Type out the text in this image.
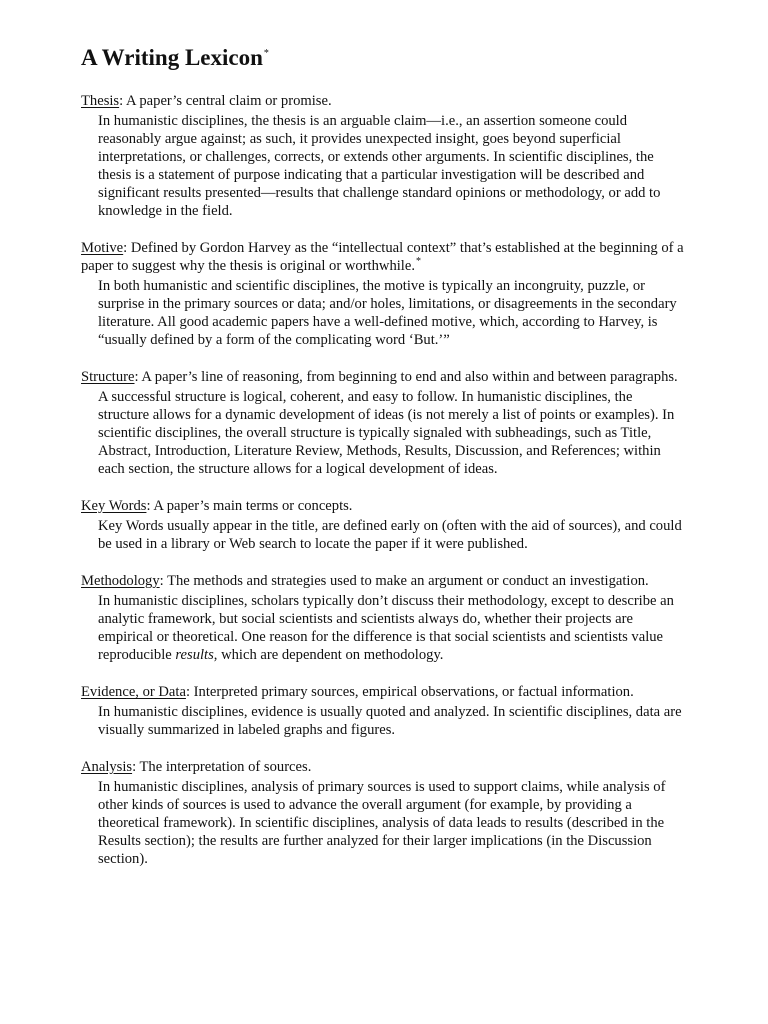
A Writing Lexicon*

Thesis: A paper’s central claim or promise.

In humanistic disciplines, the thesis is an arguable claim—i.e., an assertion someone could reasonably argue against; as such, it provides unexpected insight, goes beyond superficial interpretations, or challenges, corrects, or extends other arguments. In scientific disciplines, the thesis is a statement of purpose indicating that a particular investigation will be described and significant results presented—results that challenge standard opinions or methodology, or add to knowledge in the field.

Motive: Defined by Gordon Harvey as the “intellectual context” that’s established at the beginning of a paper to suggest why the thesis is original or worthwhile.*

In both humanistic and scientific disciplines, the motive is typically an incongruity, puzzle, or surprise in the primary sources or data; and/or holes, limitations, or disagreements in the secondary literature. All good academic papers have a well-defined motive, which, according to Harvey, is “usually defined by a form of the complicating word ‘But.’”

Structure: A paper’s line of reasoning, from beginning to end and also within and between paragraphs.

A successful structure is logical, coherent, and easy to follow. In humanistic disciplines, the structure allows for a dynamic development of ideas (is not merely a list of points or examples). In scientific disciplines, the overall structure is typically signaled with subheadings, such as Title, Abstract, Introduction, Literature Review, Methods, Results, Discussion, and References; within each section, the structure allows for a logical development of ideas.

Key Words: A paper’s main terms or concepts.

Key Words usually appear in the title, are defined early on (often with the aid of sources), and could be used in a library or Web search to locate the paper if it were published.

Methodology: The methods and strategies used to make an argument or conduct an investigation.

In humanistic disciplines, scholars typically don’t discuss their methodology, except to describe an analytic framework, but social scientists and scientists always do, whether their projects are empirical or theoretical. One reason for the difference is that social scientists and scientists value reproducible results, which are dependent on methodology.

Evidence, or Data: Interpreted primary sources, empirical observations, or factual information.

In humanistic disciplines, evidence is usually quoted and analyzed. In scientific disciplines, data are visually summarized in labeled graphs and figures.

Analysis: The interpretation of sources.

In humanistic disciplines, analysis of primary sources is used to support claims, while analysis of other kinds of sources is used to advance the overall argument (for example, by providing a theoretical framework). In scientific disciplines, analysis of data leads to results (described in the Results section); the results are further analyzed for their larger implications (in the Discussion section).
